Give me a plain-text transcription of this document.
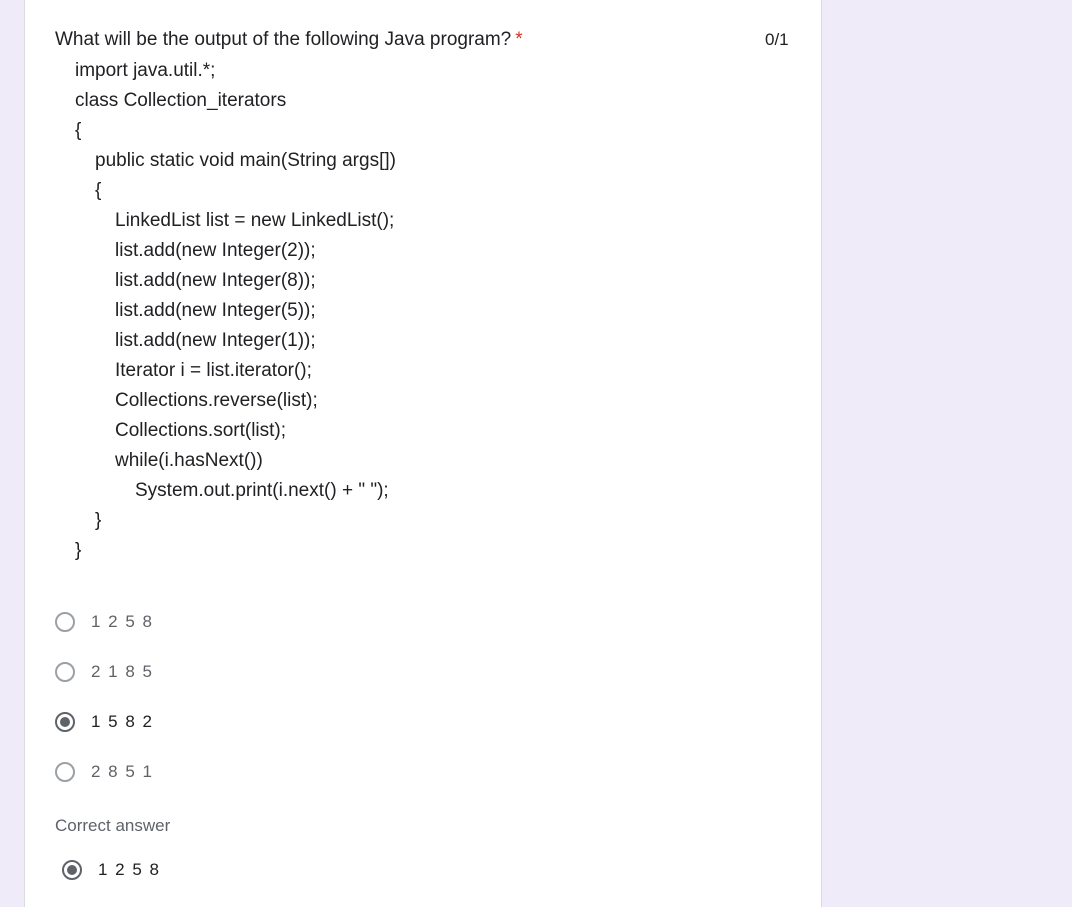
What will be the output of the following Java program? *	0/1
import java.util.*;
class Collection_iterators
{
public static void main(String args[])
{
LinkedList list = new LinkedList();
list.add(new Integer(2));
list.add(new Integer(8));
list.add(new Integer(5));
list.add(new Integer(1));
Iterator i = list.iterator();
Collections.reverse(list);
Collections.sort(list);
while(i.hasNext())
System.out.print(i.next() + " ");
}
}
1 2 5 8
2 1 8 5
1 5 8 2
2 8 5 1
Correct answer
1 2 5 8
